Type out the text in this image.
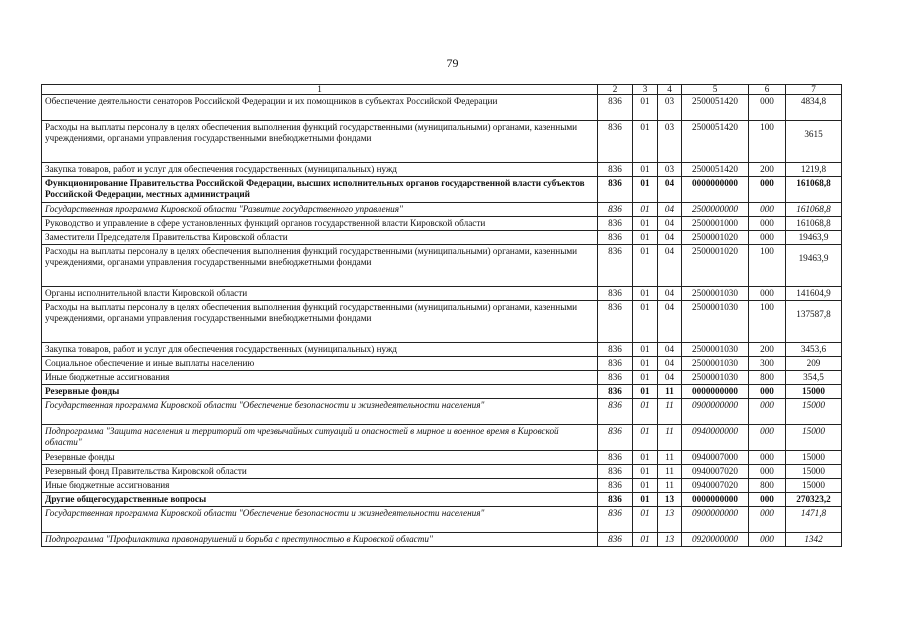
79
1	2	3	4	5	6	7
Обеспечение деятельности сенаторов Российской Федерации и их помощников в субъектах Российской Федерации	836	01	03	2500051420	000	4834,8
Расходы на выплаты персоналу в целях обеспечения выполнения функций государственными (муниципальными) органами, казенными учреждениями, органами управления государственными внебюджетными фондами	836	01	03	2500051420	100	3615
Закупка товаров, работ и услуг для обеспечения государственных (муниципальных) нужд	836	01	03	2500051420	200	1219,8
Функционирование Правительства Российской Федерации, высших исполнительных органов государственной власти субъектов Российской Федерации, местных администраций	836	01	04	0000000000	000	161068,8
Государственная программа Кировской области "Развитие государственного управления"	836	01	04	2500000000	000	161068,8
Руководство и управление в сфере установленных функций органов государственной власти Кировской области	836	01	04	2500001000	000	161068,8
Заместители Председателя Правительства Кировской области	836	01	04	2500001020	000	19463,9
Расходы на выплаты персоналу в целях обеспечения выполнения функций государственными (муниципальными) органами, казенными учреждениями, органами управления государственными внебюджетными фондами	836	01	04	2500001020	100	19463,9
Органы исполнительной власти Кировской области	836	01	04	2500001030	000	141604,9
Расходы на выплаты персоналу в целях обеспечения выполнения функций государственными (муниципальными) органами, казенными учреждениями, органами управления государственными внебюджетными фондами	836	01	04	2500001030	100	137587,8
Закупка товаров, работ и услуг для обеспечения государственных (муниципальных) нужд	836	01	04	2500001030	200	3453,6
Социальное обеспечение и иные выплаты населению	836	01	04	2500001030	300	209
Иные бюджетные ассигнования	836	01	04	2500001030	800	354,5
Резервные фонды	836	01	11	0000000000	000	15000
Государственная программа Кировской области "Обеспечение безопасности и жизнедеятельности населения"	836	01	11	0900000000	000	15000
Подпрограмма "Защита населения и территорий от чрезвычайных ситуаций и опасностей в мирное и военное время в Кировской области"	836	01	11	0940000000	000	15000
Резервные фонды	836	01	11	0940007000	000	15000
Резервный фонд Правительства Кировской области	836	01	11	0940007020	000	15000
Иные бюджетные ассигнования	836	01	11	0940007020	800	15000
Другие общегосударственные вопросы	836	01	13	0000000000	000	270323,2
Государственная программа Кировской области "Обеспечение безопасности и жизнедеятельности населения"	836	01	13	0900000000	000	1471,8
Подпрограмма "Профилактика правонарушений и борьба с преступностью в Кировской области"	836	01	13	0920000000	000	1342
